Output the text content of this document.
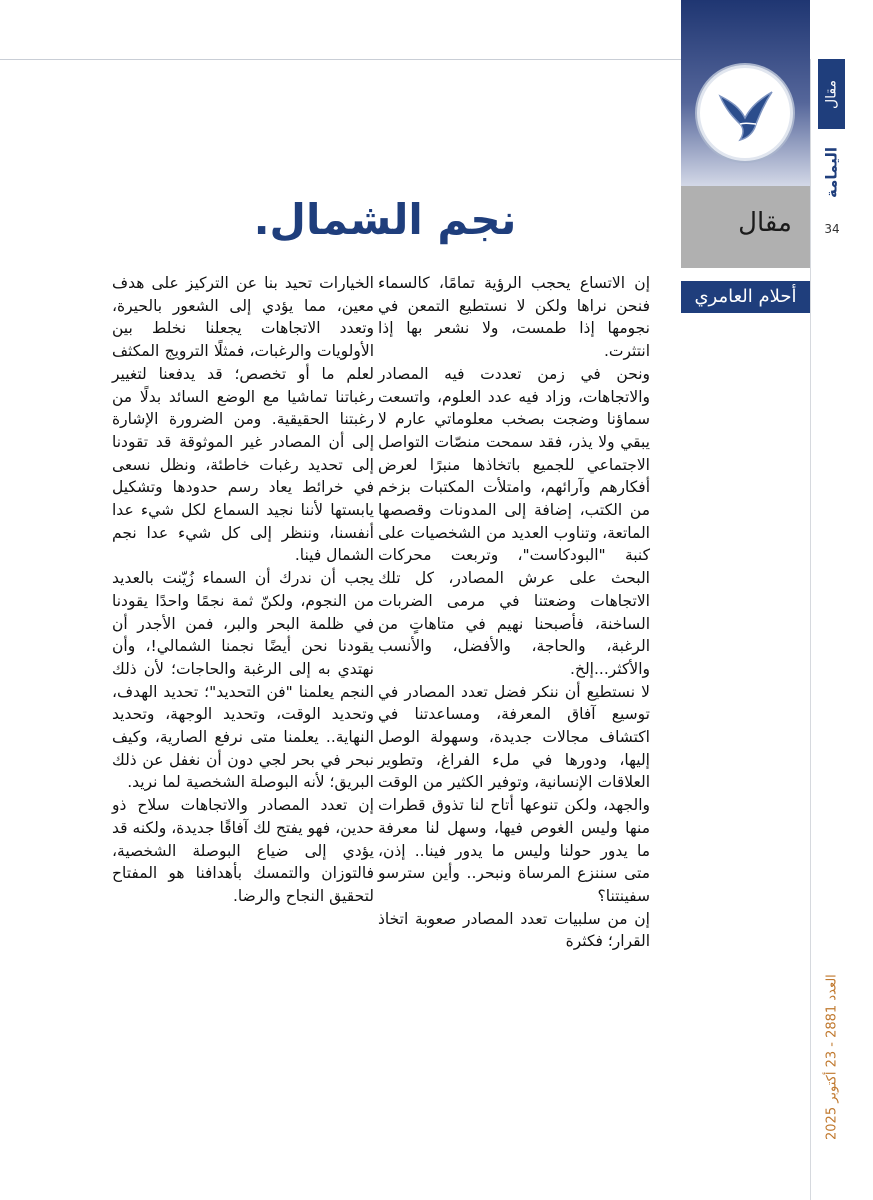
مقال
أحلام العامري
مقال
اليمامة
34
العدد 2881 - 23 أكتوبر 2025
نجم الشمال.

إن الاتساع يحجب الرؤية تمامًا، كالسماء فنحن نراها ولكن لا نستطيع التمعن في نجومها إذا طمست، ولا نشعر بها إذا انتثرت.

ونحن في زمن تعددت فيه المصادر والاتجاهات، وزاد فيه عدد العلوم، واتسعت سماؤنا وضجت بصخب معلوماتي عارم لا يبقي ولا يذر، فقد سمحت منصّات التواصل الاجتماعي للجميع باتخاذها منبرًا لعرض أفكارهم وآرائهم، وامتلأت المكتبات بزخم من الكتب، إضافة إلى المدونات وقصصها الماتعة، وتناوب العديد من الشخصيات على كنبة "البودكاست"، وتربعت محركات البحث على عرش المصادر، كل تلك الاتجاهات وضعتنا في مرمى الضربات الساخنة، فأصبحنا نهيم في متاهاتٍ من الرغبة، والحاجة، والأفضل، والأنسب والأكثر...إلخ.

لا نستطيع أن ننكر فضل تعدد المصادر في توسيع آفاق المعرفة، ومساعدتنا في اكتشاف مجالات جديدة، وسهولة الوصل إليها، ودورها في ملء الفراغ، وتطوير العلاقات الإنسانية، وتوفير الكثير من الوقت والجهد، ولكن تنوعها أتاح لنا تذوق قطرات منها وليس الغوص فيها، وسهل لنا معرفة ما يدور حولنا وليس ما يدور فينا.. إذن، متى سننزع المرساة ونبحر.. وأين سترسو سفينتنا؟

إن من سلبيات تعدد المصادر صعوبة اتخاذ القرار؛ فكثرة

الخيارات تحيد بنا عن التركيز على هدف معين، مما يؤدي إلى الشعور بالحيرة، وتعدد الاتجاهات يجعلنا نخلط بين الأولويات والرغبات، فمثلًا الترويج المكثف لعلم ما أو تخصص؛ قد يدفعنا لتغيير رغباتنا تماشيا مع الوضع السائد بدلًا من رغبتنا الحقيقية. ومن الضرورة الإشارة إلى أن المصادر غير الموثوقة قد تقودنا إلى تحديد رغبات خاطئة، ونظل نسعى في خرائط يعاد رسم حدودها وتشكيل يابستها لأننا نجيد السماع لكل شيء عدا أنفسنا، وننظر إلى كل شيء عدا نجم الشمال فينا.

يجب أن ندرك أن السماء زُيّنت بالعديد من النجوم، ولكنّ ثمة نجمًا واحدًا يقودنا في ظلمة البحر والبر، فمن الأجدر أن يقودنا نحن أيضًا نجمنا الشمالي!، وأن نهتدي به إلى الرغبة والحاجات؛ لأن ذلك النجم يعلمنا "فن التحديد"؛ تحديد الهدف، وتحديد الوقت، وتحديد الوجهة، وتحديد النهاية.. يعلمنا متى نرفع الصارية، وكيف نبحر في بحر لجي دون أن نغفل عن ذلك البريق؛ لأنه البوصلة الشخصية لما نريد.

إن تعدد المصادر والاتجاهات سلاح ذو حدين، فهو يفتح لك آفاقًا جديدة، ولكنه قد يؤدي إلى ضياع البوصلة الشخصية، فالتوزان والتمسك بأهدافنا هو المفتاح لتحقيق النجاح والرضا.
